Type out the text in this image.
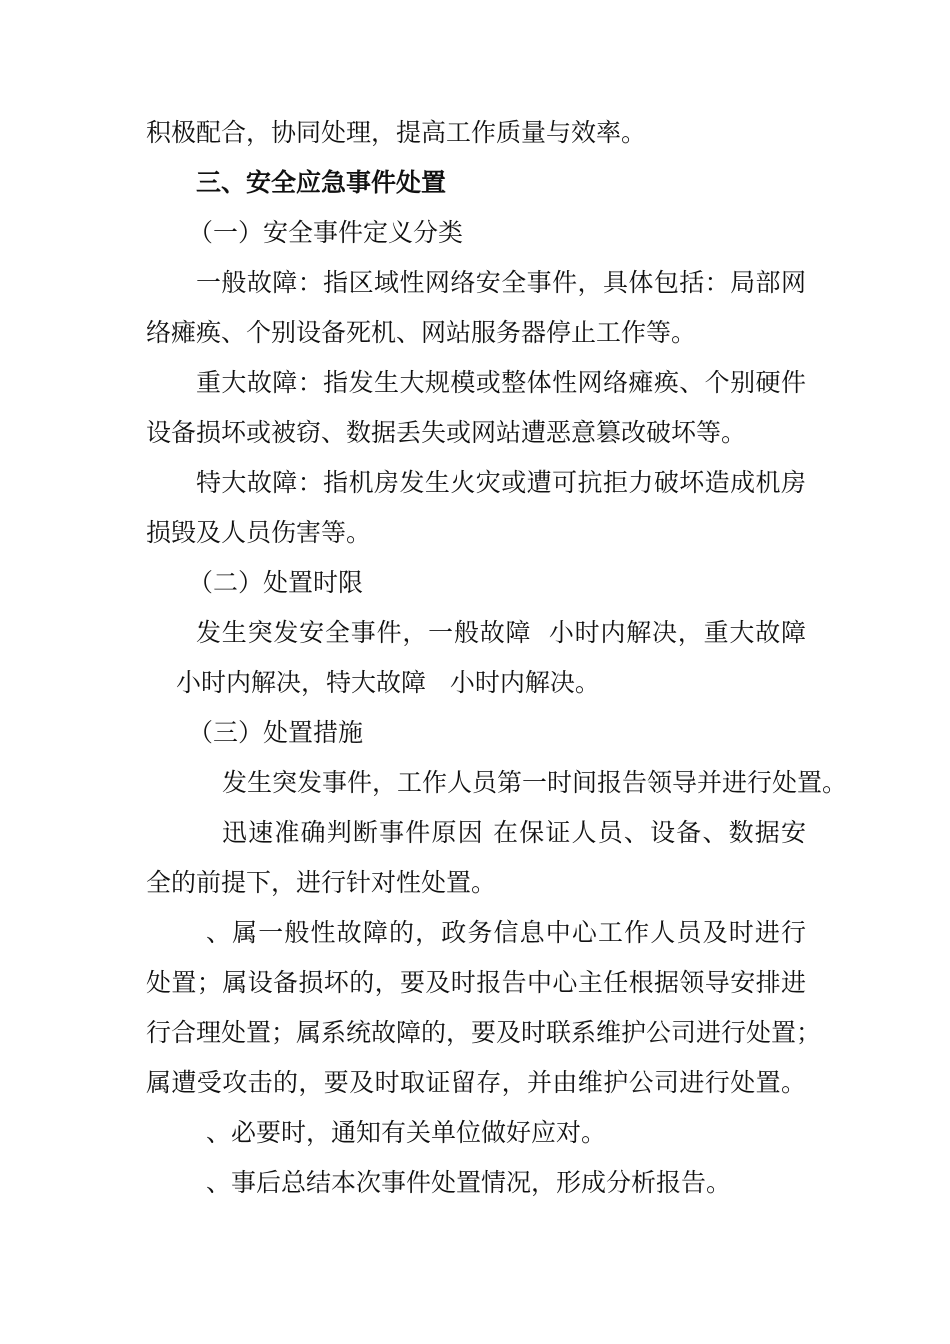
积极配合，协同处理，提高工作质量与效率。
三、安全应急事件处置
（一）安全事件定义分类
一般故障：指区域性网络安全事件，具体包括：局部网
络瘫痪、个别设备死机、网站服务器停止工作等。
重大故障：指发生大规模或整体性网络瘫痪、个别硬件
设备损坏或被窃、数据丢失或网站遭恶意篡改破坏等。
特大故障：指机房发生火灾或遭可抗拒力破坏造成机房
损毁及人员伤害等。
（二）处置时限
发生突发安全事件，一般故障  小时内解决，重大故障
小时内解决，特大故障   小时内解决。
（三）处置措施
发生突发事件，工作人员第一时间报告领导并进行处置。
迅速准确判断事件原因 在保证人员、设备、数据安
全的前提下，进行针对性处置。
、属一般性故障的，政务信息中心工作人员及时进行
处置；属设备损坏的，要及时报告中心主任根据领导安排进
行合理处置；属系统故障的，要及时联系维护公司进行处置；
属遭受攻击的，要及时取证留存，并由维护公司进行处置。
、必要时，通知有关单位做好应对。
、事后总结本次事件处置情况，形成分析报告。
